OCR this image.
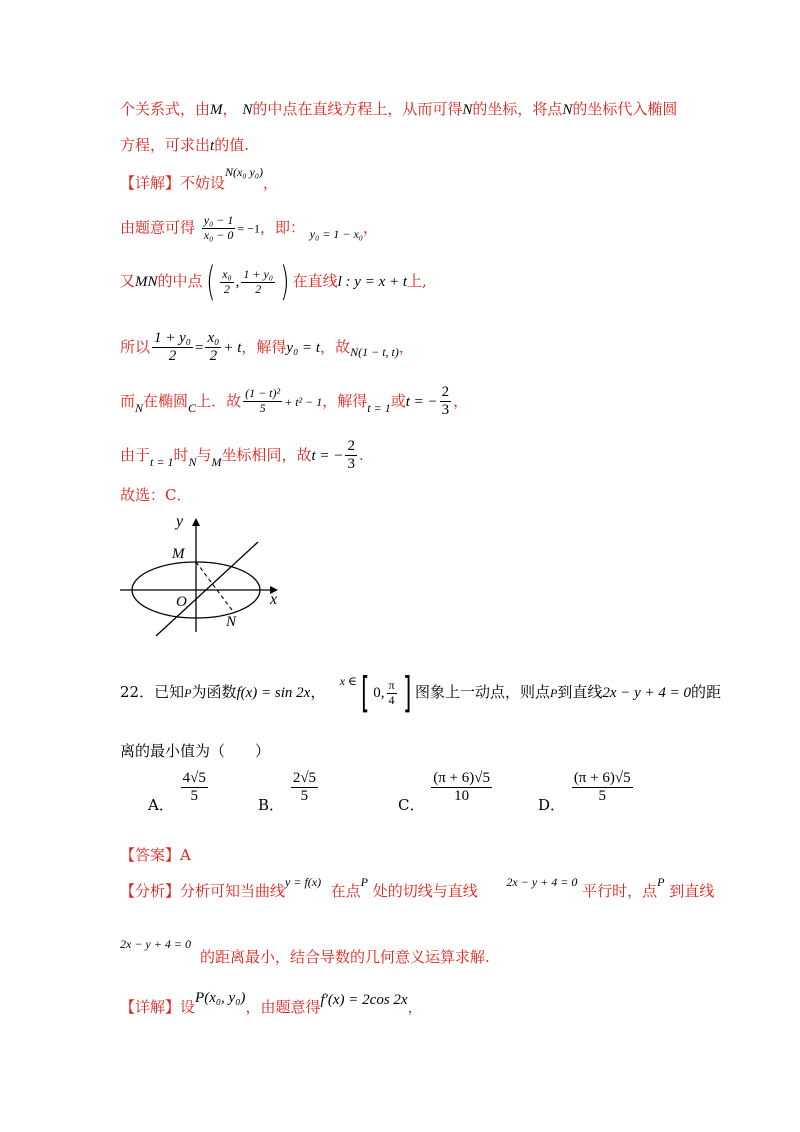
个关系式，由M， N的中点在直线方程上，从而可得N的坐标，将点N的坐标代入椭圆
方程，可求出t的值.
【详解】不妨设$^{N(x_0 y_0)}$，
由题意可得 $\frac{\text{y₀ − 1}}{\text{x₀ − 0}} = -1$，即： $_{y_0 = 1 - x_0}$，
又MN的中点( $\frac{\text{x₀}}{2}$ , $\frac{\text{1 + y₀}}{2}$ ) 在直线l : y = x + t上,
所以 $\frac{\text{1 + y₀}}{2} = \frac{\text{x₀}}{2} + t$，解得y₀ = t，故$_{N(1 - t, t)}$，
而$_N$在椭圆$_C$上．故 $\frac{\text{(1 − t)²}}{5} + t^2 - 1$，解得$_{t = 1}$或t = − $\frac{2}{3}$ ，
由于$_{t = 1}$时$_N$与$_M$坐标相同，故t = − $\frac{2}{3}$ .
故选：C．
y
x
M
O
N
22．已知P为函数f(x) = sin 2x，   x ∈[ 0, $\frac{\pi}{4}$ ] 图象上一动点，则点P到直线2x − y + 4 = 0的距
离的最小值为（　　）
A． $\frac{4√5}{5}$	B． $\frac{2√5}{5}$	C． $\frac{(\pi + 6)√5}{10}$	D． $\frac{(\pi + 6)√5}{5}$
【答案】A
【分析】分析可知当曲线$^{y = f(x)}$ 在点$^P$ 处的切线与直线 $^{2x - y + 4 = 0}$ 平行时，点$^P$ 到直线
2x − y + 4 = 0
的距离最小，结合导数的几何意义运算求解.
【详解】设P(x₀, y₀)，由题意得f′(x) = 2cos 2x，
